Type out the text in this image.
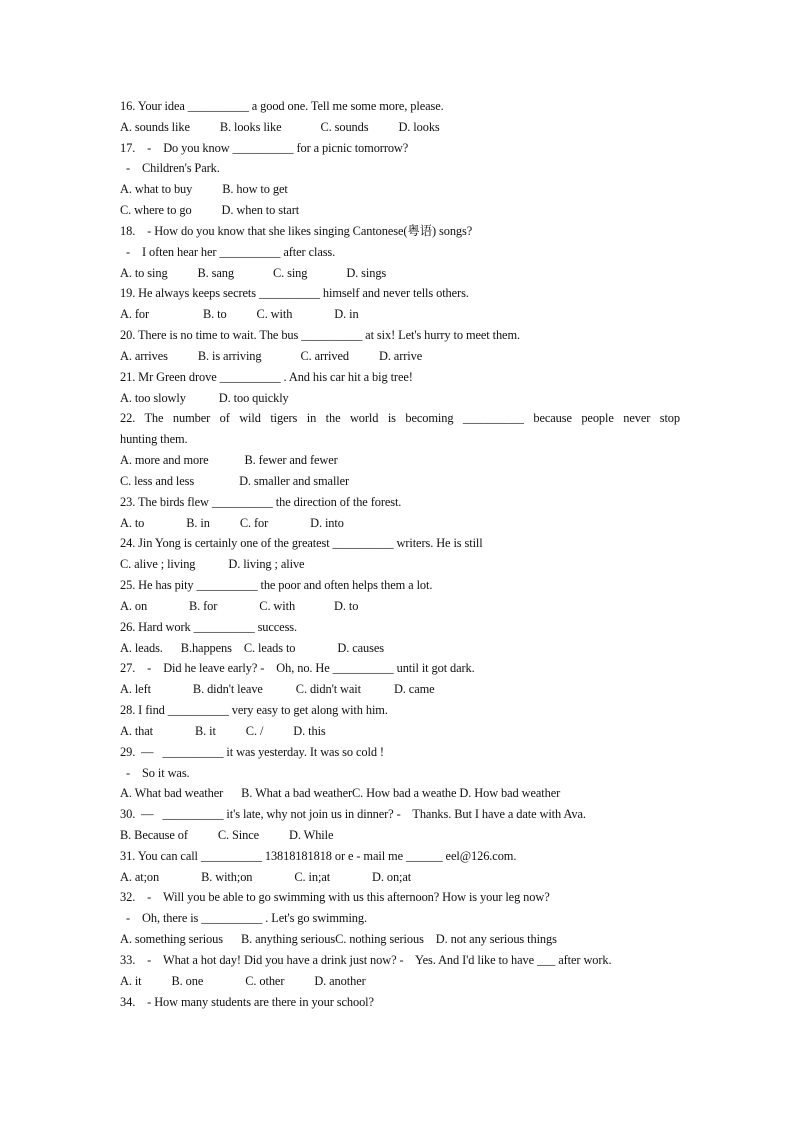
16. Your idea __________ a good one. Tell me some more, please.
A. sounds like          B. looks like             C. sounds          D. looks
17.    -    Do you know __________ for a picnic tomorrow?
-    Children's Park.
A. what to buy          B. how to get
C. where to go          D. when to start
18.    - How do you know that she likes singing Cantonese(粤语) songs?
-    I often hear her __________ after class.
A. to sing          B. sang             C. sing             D. sings
19. He always keeps secrets __________ himself and never tells others.
A. for                  B. to          C. with              D. in
20. There is no time to wait. The bus __________ at six! Let's hurry to meet them.
A. arrives          B. is arriving             C. arrived          D. arrive
21. Mr Green drove __________ . And his car hit a big tree!
A. too slowly           D. too quickly
22. The number of wild tigers in the world is becoming __________ because people never stop
hunting them.
A. more and more            B. fewer and fewer
C. less and less               D. smaller and smaller
23. The birds flew __________ the direction of the forest.
A. to              B. in          C. for              D. into
24. Jin Yong is certainly one of the greatest __________ writers. He is still
C. alive ; living           D. living ; alive
25. He has pity __________ the poor and often helps them a lot.
A. on              B. for              C. with             D. to
26. Hard work __________ success.
A. leads.      B.happens    C. leads to              D. causes
27.    -    Did he leave early? -    Oh, no. He __________ until it got dark.
A. left              B. didn't leave           C. didn't wait           D. came
28. I find __________ very easy to get along with him.
A. that              B. it          C. /          D. this
29.  —   __________ it was yesterday. It was so cold !
-    So it was.
A. What bad weather      B. What a bad weatherC. How bad a weathe D. How bad weather
30.  —   __________ it's late, why not join us in dinner? -    Thanks. But I have a date with Ava.
B. Because of          C. Since          D. While
31. You can call __________ 13818181818 or e - mail me ______ eel@126.com.
A. at;on              B. with;on              C. in;at              D. on;at
32.    -    Will you be able to go swimming with us this afternoon? How is your leg now?
-    Oh, there is __________ . Let's go swimming.
A. something serious      B. anything seriousC. nothing serious    D. not any serious things
33.    -    What a hot day! Did you have a drink just now? -    Yes. And I'd like to have ___ after work.
A. it          B. one              C. other          D. another
34.    - How many students are there in your school?
